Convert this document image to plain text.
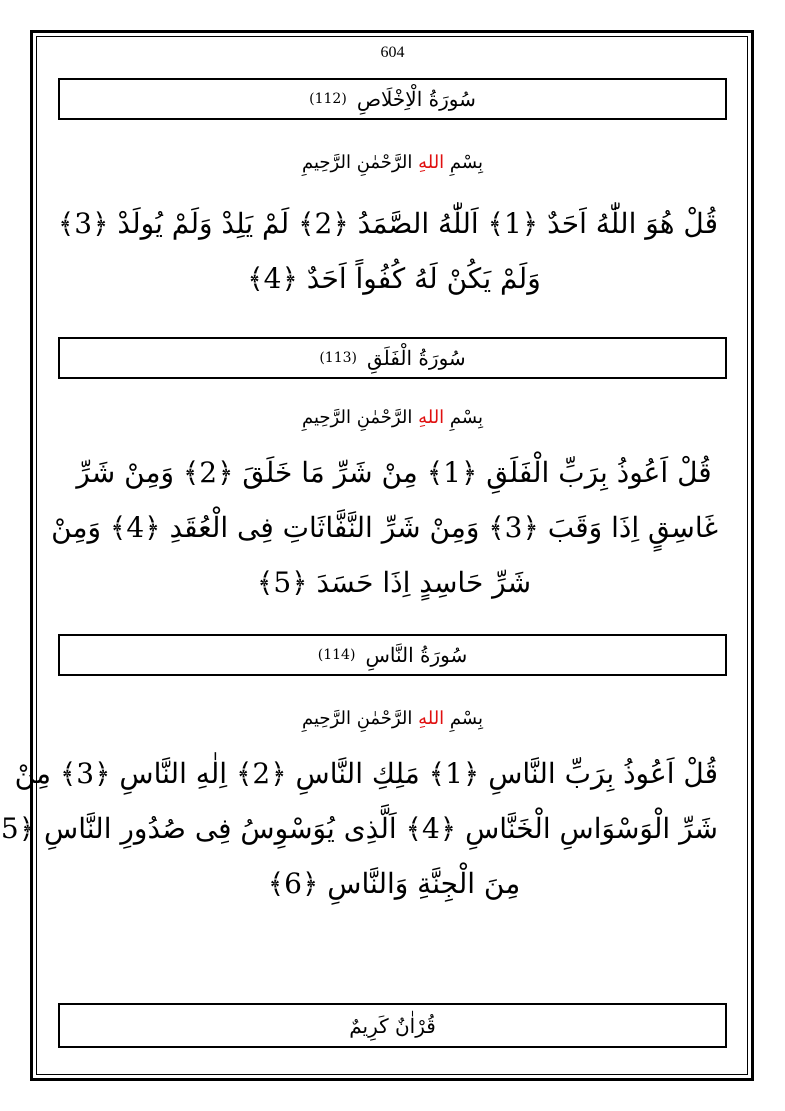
604
سُورَةُ الْاِخْلَاصِ
(112)
بِسْمِ اللهِ الرَّحْمٰنِ الرَّحِيمِ
قُلْ هُوَ اللّٰهُ اَحَدٌ ﴿1﴾ اَللّٰهُ الصَّمَدُ ﴿2﴾ لَمْ يَلِدْ وَلَمْ يُولَدْ ﴿3﴾
وَلَمْ يَكُنْ لَهُ كُفُواً اَحَدٌ ﴿4﴾
سُورَةُ الْفَلَقِ
(113)
بِسْمِ اللهِ الرَّحْمٰنِ الرَّحِيمِ
قُلْ اَعُوذُ بِرَبِّ الْفَلَقِ ﴿1﴾ مِنْ شَرِّ مَا خَلَقَ ﴿2﴾ وَمِنْ شَرِّ
غَاسِقٍ اِذَا وَقَبَ ﴿3﴾ وَمِنْ شَرِّ النَّفَّاثَاتِ فِى الْعُقَدِ ﴿4﴾ وَمِنْ
شَرِّ حَاسِدٍ اِذَا حَسَدَ ﴿5﴾
سُورَةُ النَّاسِ
(114)
بِسْمِ اللهِ الرَّحْمٰنِ الرَّحِيمِ
قُلْ اَعُوذُ بِرَبِّ النَّاسِ ﴿1﴾ مَلِكِ النَّاسِ ﴿2﴾ اِلٰهِ النَّاسِ ﴿3﴾ مِنْ
شَرِّ الْوَسْوَاسِ الْخَنَّاسِ ﴿4﴾ اَلَّذِى يُوَسْوِسُ فِى صُدُورِ النَّاسِ ﴿5
مِنَ الْجِنَّةِ وَالنَّاسِ ﴿6﴾
قُرْاٰنٌ كَرِيمٌ
